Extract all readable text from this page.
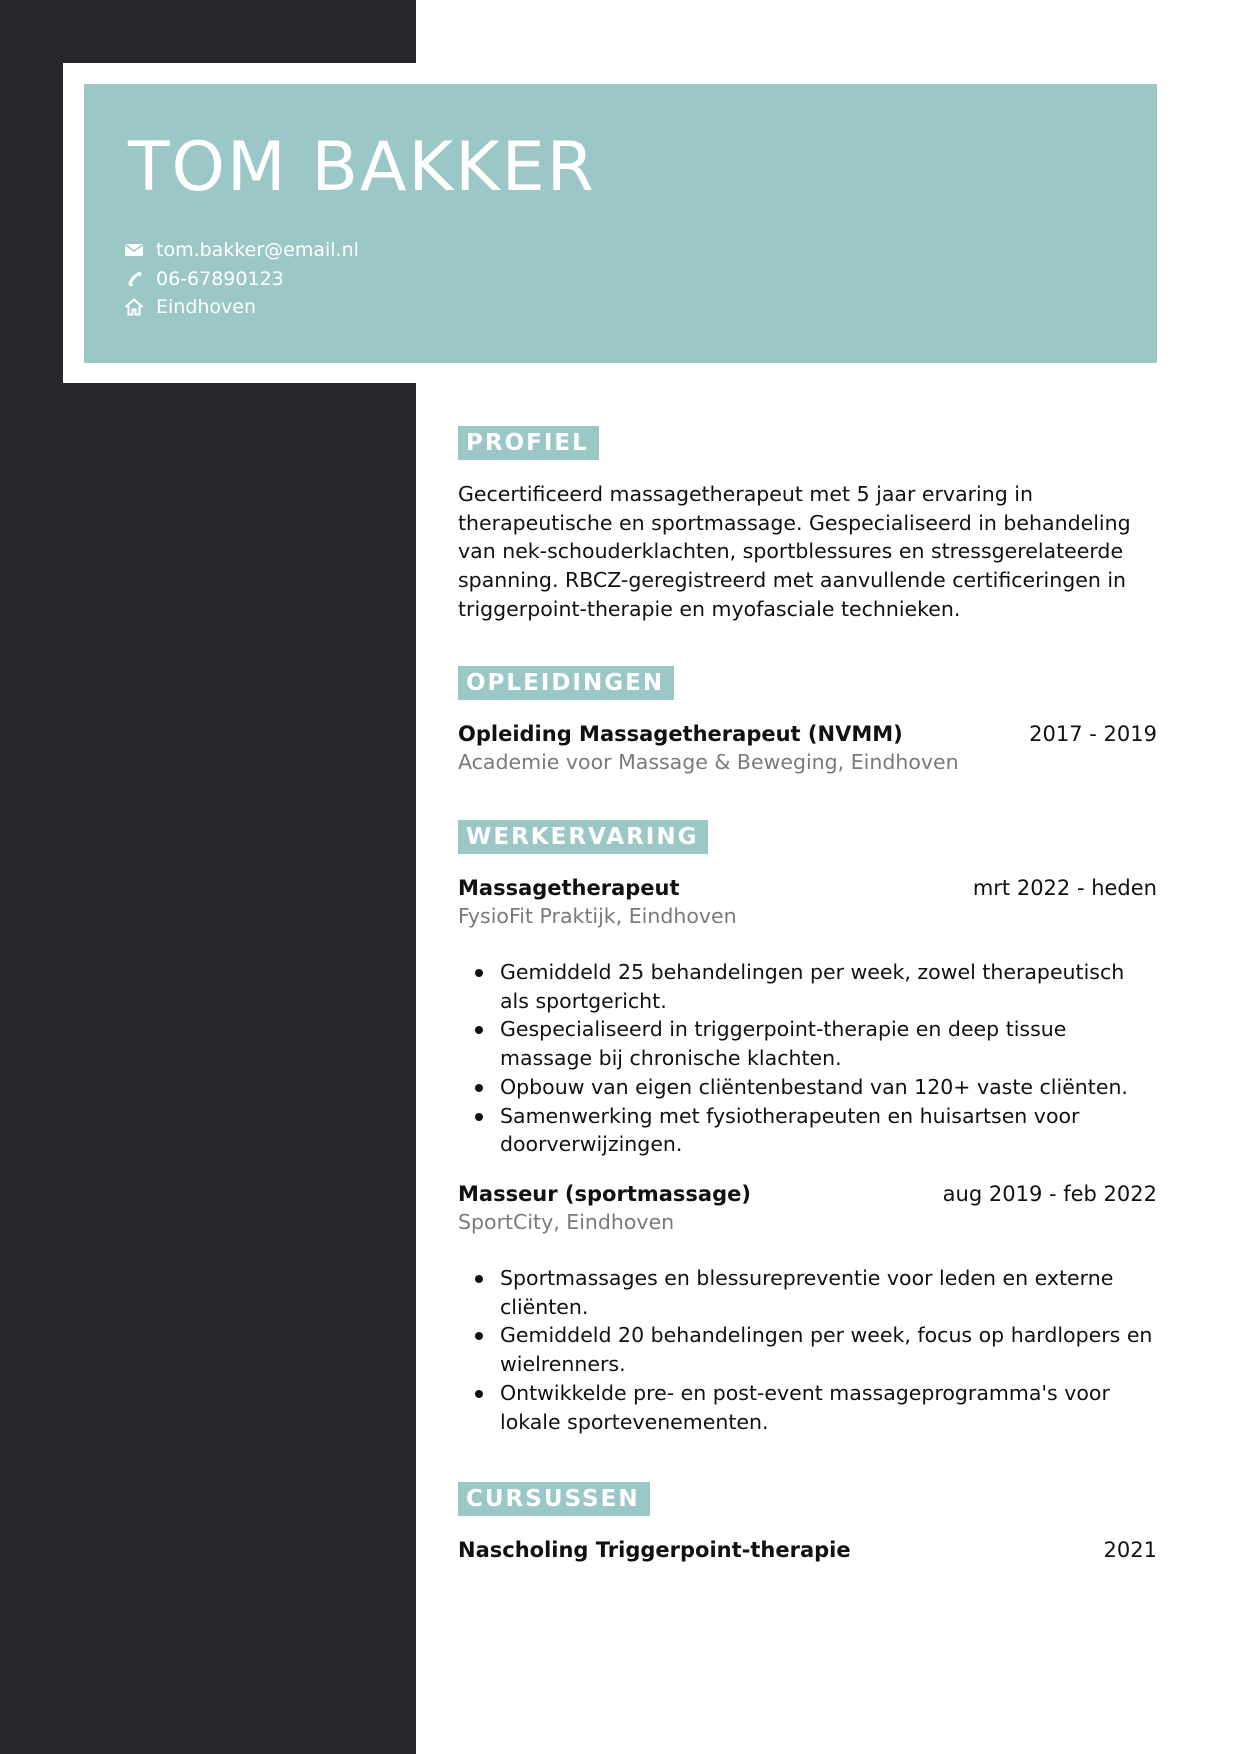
TOM BAKKER
tom.bakker@email.nl
06-67890123
Eindhoven
PROFIEL

Gecertificeerd massagetherapeut met 5 jaar ervaring in therapeutische en sportmassage. Gespecialiseerd in behandeling van nek-schouderklachten, sportblessures en stressgerelateerde spanning. RBCZ-geregistreerd met aanvullende certificeringen in triggerpoint-therapie en myofasciale technieken.

OPLEIDINGEN
Opleiding Massagetherapeut (NVMM)	2017 - 2019
Academie voor Massage & Beweging, Eindhoven
WERKERVARING
Massagetherapeut	mrt 2022 - heden
FysioFit Praktijk, Eindhoven
Gemiddeld 25 behandelingen per week, zowel therapeutisch als sportgericht.
Gespecialiseerd in triggerpoint-therapie en deep tissue massage bij chronische klachten.
Opbouw van eigen cliëntenbestand van 120+ vaste cliënten.
Samenwerking met fysiotherapeuten en huisartsen voor doorverwijzingen.
Masseur (sportmassage)	aug 2019 - feb 2022
SportCity, Eindhoven
Sportmassages en blessurepreventie voor leden en externe cliënten.
Gemiddeld 20 behandelingen per week, focus op hardlopers en wielrenners.
Ontwikkelde pre- en post-event massageprogramma's voor lokale sportevenementen.
CURSUSSEN
Nascholing Triggerpoint-therapie	2021
